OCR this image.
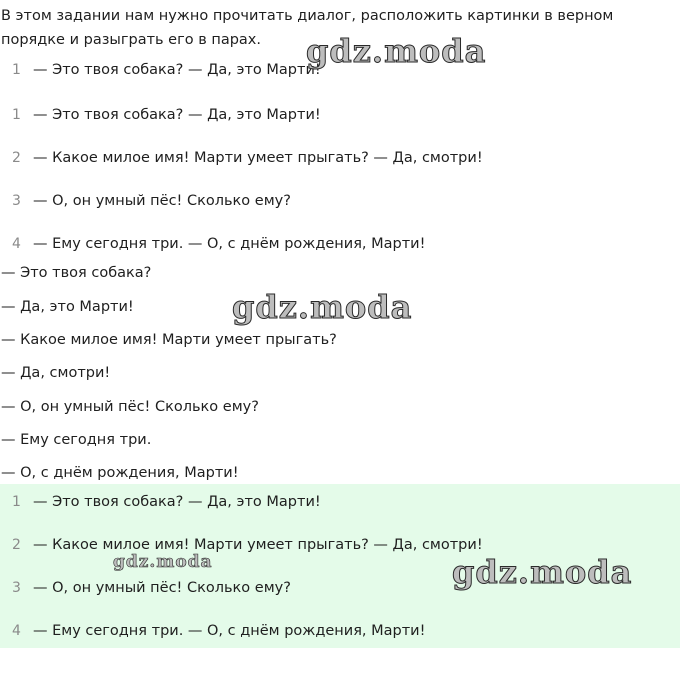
В этом задании нам нужно прочитать диалог, расположить картинки в верном порядке и разыграть его в парах.

1 — Это твоя собака? — Да, это Марти!
1 — Это твоя собака? — Да, это Марти!
2 — Какое милое имя! Марти умеет прыгать? — Да, смотри!
3 — О, он умный пёс! Сколько ему?
4 — Ему сегодня три. — О, с днём рождения, Марти!
— Это твоя собака?
— Да, это Марти!
— Какое милое имя! Марти умеет прыгать?
— Да, смотри!
— О, он умный пёс! Сколько ему?
— Ему сегодня три.
— О, с днём рождения, Марти!
1 — Это твоя собака? — Да, это Марти!
2 — Какое милое имя! Марти умеет прыгать? — Да, смотри!
3 — О, он умный пёс! Сколько ему?
4 — Ему сегодня три. — О, с днём рождения, Марти!
gdz.moda
gdz.moda
gdz.moda	gdz.moda
